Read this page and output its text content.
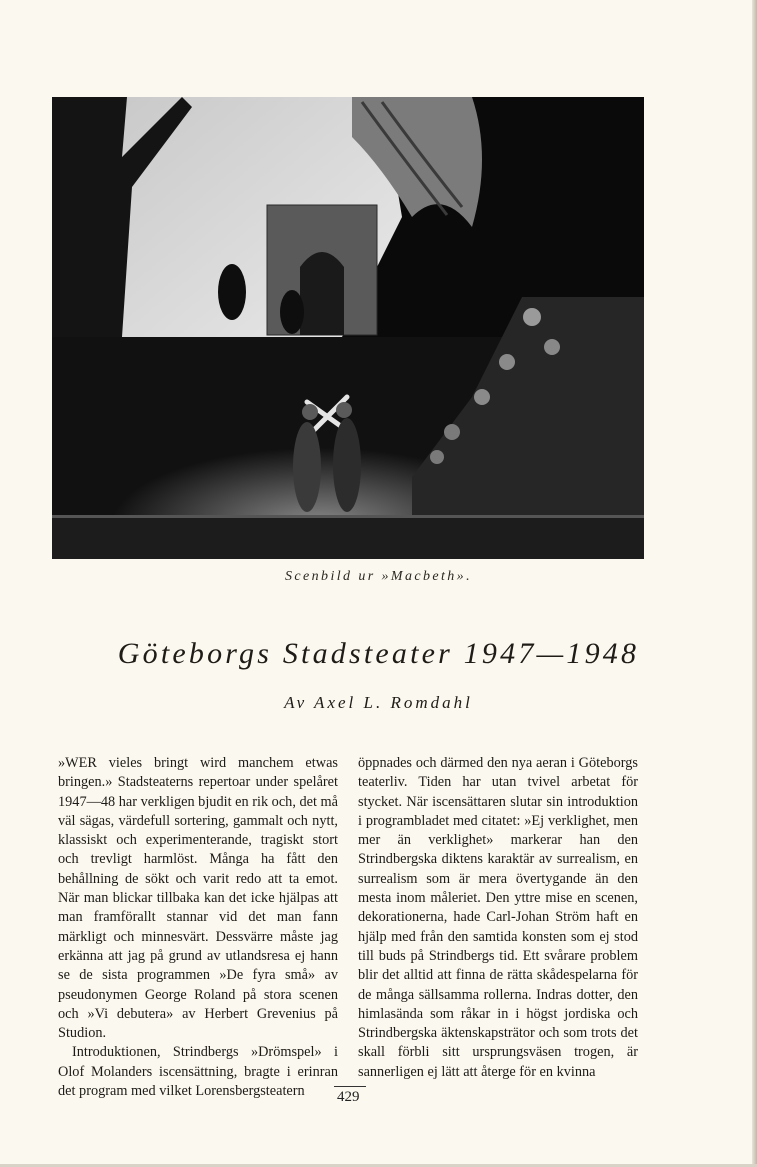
Scenbild ur »Macbeth».
Göteborgs Stadsteater 1947—1948
Av Axel L. Romdahl

»WER vieles bringt wird manchem etwas bringen.» Stadsteaterns repertoar under spelåret 1947—48 har verkligen bjudit en rik och, det må väl sägas, värdefull sortering, gammalt och nytt, klassiskt och experimenterande, tragiskt stort och trevligt harmlöst. Många ha fått den behållning de sökt och varit redo att ta emot. När man blickar tillbaka kan det icke hjälpas att man framförallt stannar vid det man fann märkligt och minnesvärt. Dessvärre måste jag erkänna att jag på grund av utlandsresa ej hann se de sista programmen »De fyra små» av pseudonymen George Roland på stora scenen och »Vi debutera» av Herbert Grevenius på Studion.

Introduktionen, Strindbergs »Drömspel» i Olof Molanders iscensättning, bragte i erinran det program med vilket Lorensbergsteatern

öppnades och därmed den nya aeran i Göteborgs teaterliv. Tiden har utan tvivel arbetat för stycket. När iscensättaren slutar sin introduktion i programbladet med citatet: »Ej verklighet, men mer än verklighet» markerar han den Strindbergska diktens karaktär av surrealism, en surrealism som är mera övertygande än den mesta inom måleriet. Den yttre mise en scenen, dekorationerna, hade Carl-Johan Ström haft en hjälp med från den samtida konsten som ej stod till buds på Strindbergs tid. Ett svårare problem blir det alltid att finna de rätta skådespelarna för de många sällsamma rollerna. Indras dotter, den himlasända som råkar in i högst jordiska och Strindbergska äktenskapsträtor och som trots det skall förbli sitt ursprungsväsen trogen, är sannerligen ej lätt att återge för en kvinna

429
